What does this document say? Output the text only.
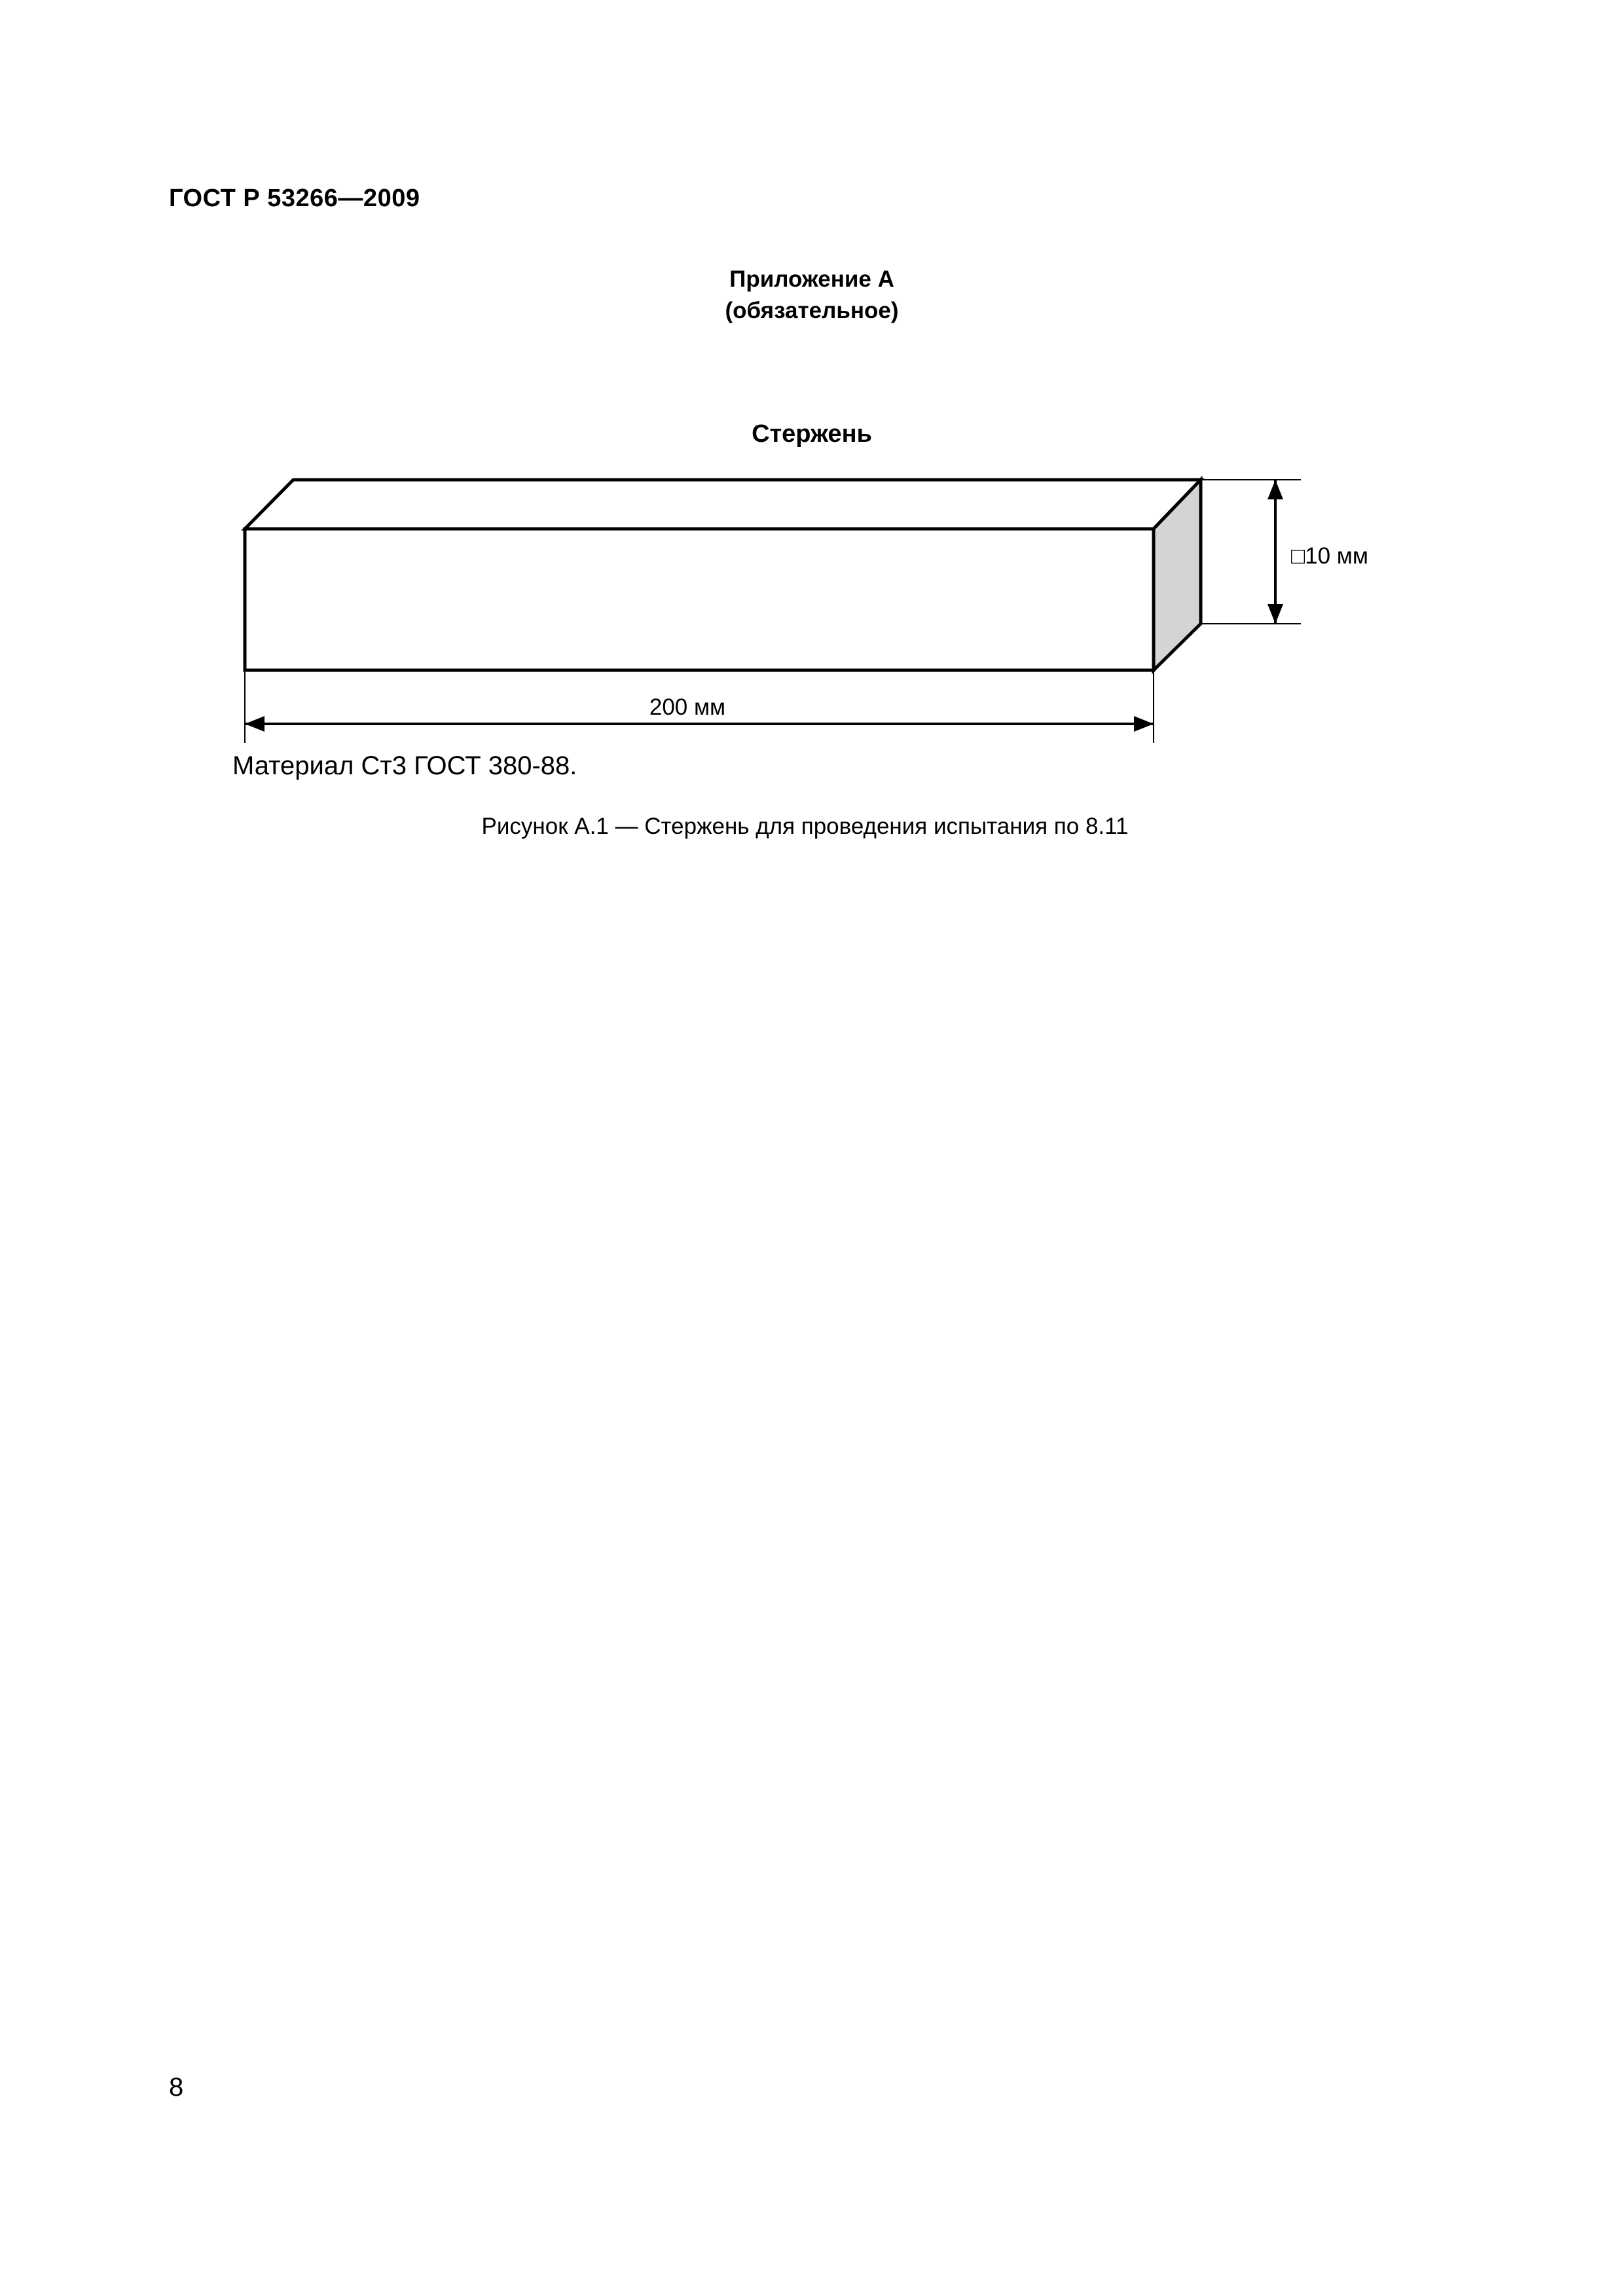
ГОСТ Р 53266—2009
Приложение А
(обязательное)
Стержень
200 мм
□10 мм
Материал Ст3 ГОСТ 380-88.
Рисунок А.1 — Стержень для проведения испытания по 8.11
8
